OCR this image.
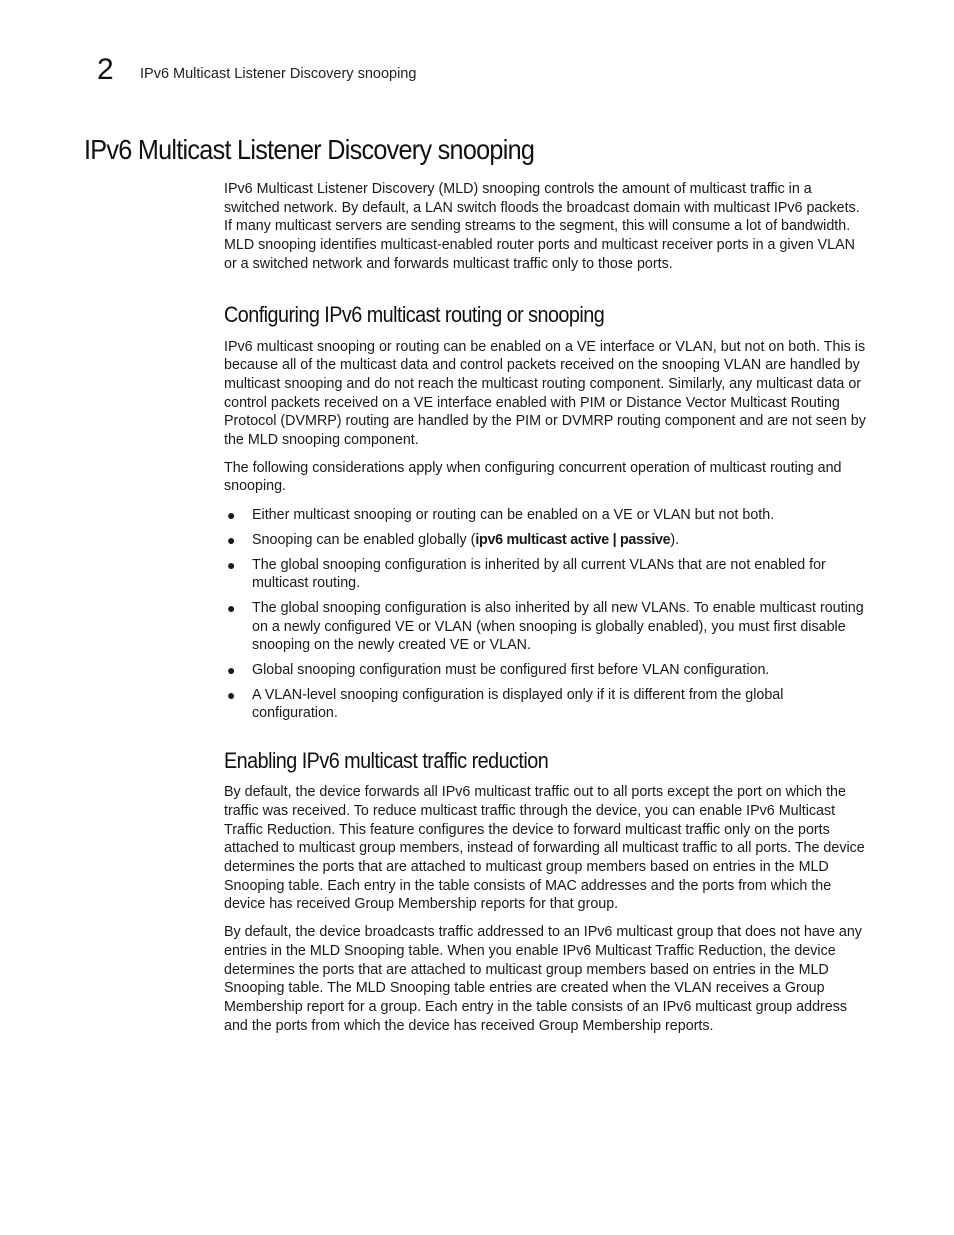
2 IPv6 Multicast Listener Discovery snooping
IPv6 Multicast Listener Discovery snooping

IPv6 Multicast Listener Discovery (MLD) snooping controls the amount of multicast traffic in a switched network. By default, a LAN switch floods the broadcast domain with multicast IPv6 packets. If many multicast servers are sending streams to the segment, this will consume a lot of bandwidth. MLD snooping identifies multicast-enabled router ports and multicast receiver ports in a given VLAN or a switched network and forwards multicast traffic only to those ports.

Configuring IPv6 multicast routing or snooping

IPv6 multicast snooping or routing can be enabled on a VE interface or VLAN, but not on both. This is because all of the multicast data and control packets received on the snooping VLAN are handled by multicast snooping and do not reach the multicast routing component. Similarly, any multicast data or control packets received on a VE interface enabled with PIM or Distance Vector Multicast Routing Protocol (DVMRP) routing are handled by the PIM or DVMRP routing component and are not seen by the MLD snooping component.

The following considerations apply when configuring concurrent operation of multicast routing and snooping.

● Either multicast snooping or routing can be enabled on a VE or VLAN but not both.
● Snooping can be enabled globally (ipv6 multicast active | passive).
● The global snooping configuration is inherited by all current VLANs that are not enabled for multicast routing.
● The global snooping configuration is also inherited by all new VLANs. To enable multicast routing on a newly configured VE or VLAN (when snooping is globally enabled), you must first disable snooping on the newly created VE or VLAN.
● Global snooping configuration must be configured first before VLAN configuration.
● A VLAN-level snooping configuration is displayed only if it is different from the global configuration.
Enabling IPv6 multicast traffic reduction

By default, the device forwards all IPv6 multicast traffic out to all ports except the port on which the traffic was received. To reduce multicast traffic through the device, you can enable IPv6 Multicast Traffic Reduction. This feature configures the device to forward multicast traffic only on the ports attached to multicast group members, instead of forwarding all multicast traffic to all ports. The device determines the ports that are attached to multicast group members based on entries in the MLD Snooping table. Each entry in the table consists of MAC addresses and the ports from which the device has received Group Membership reports for that group.

By default, the device broadcasts traffic addressed to an IPv6 multicast group that does not have any entries in the MLD Snooping table. When you enable IPv6 Multicast Traffic Reduction, the device determines the ports that are attached to multicast group members based on entries in the MLD Snooping table. The MLD Snooping table entries are created when the VLAN receives a Group Membership report for a group. Each entry in the table consists of an IPv6 multicast group address and the ports from which the device has received Group Membership reports.
